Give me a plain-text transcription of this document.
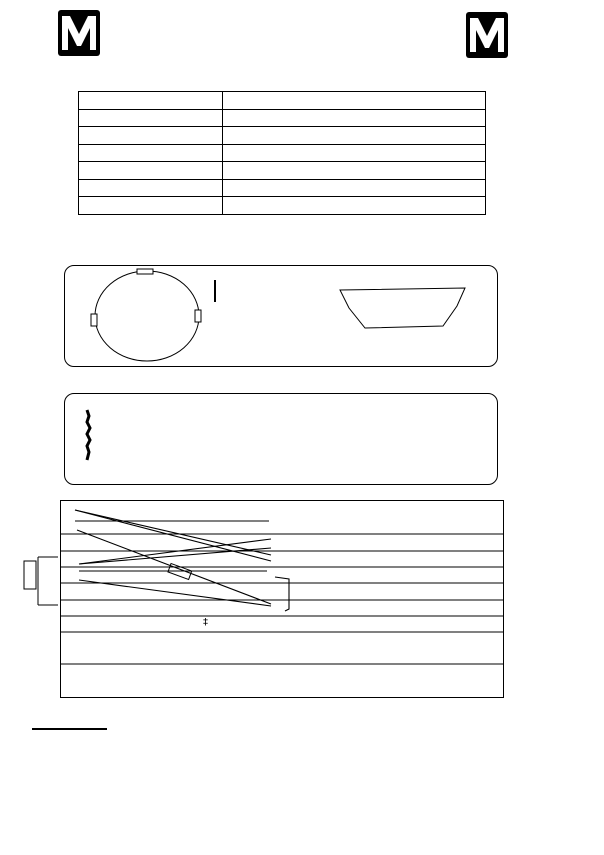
‡
